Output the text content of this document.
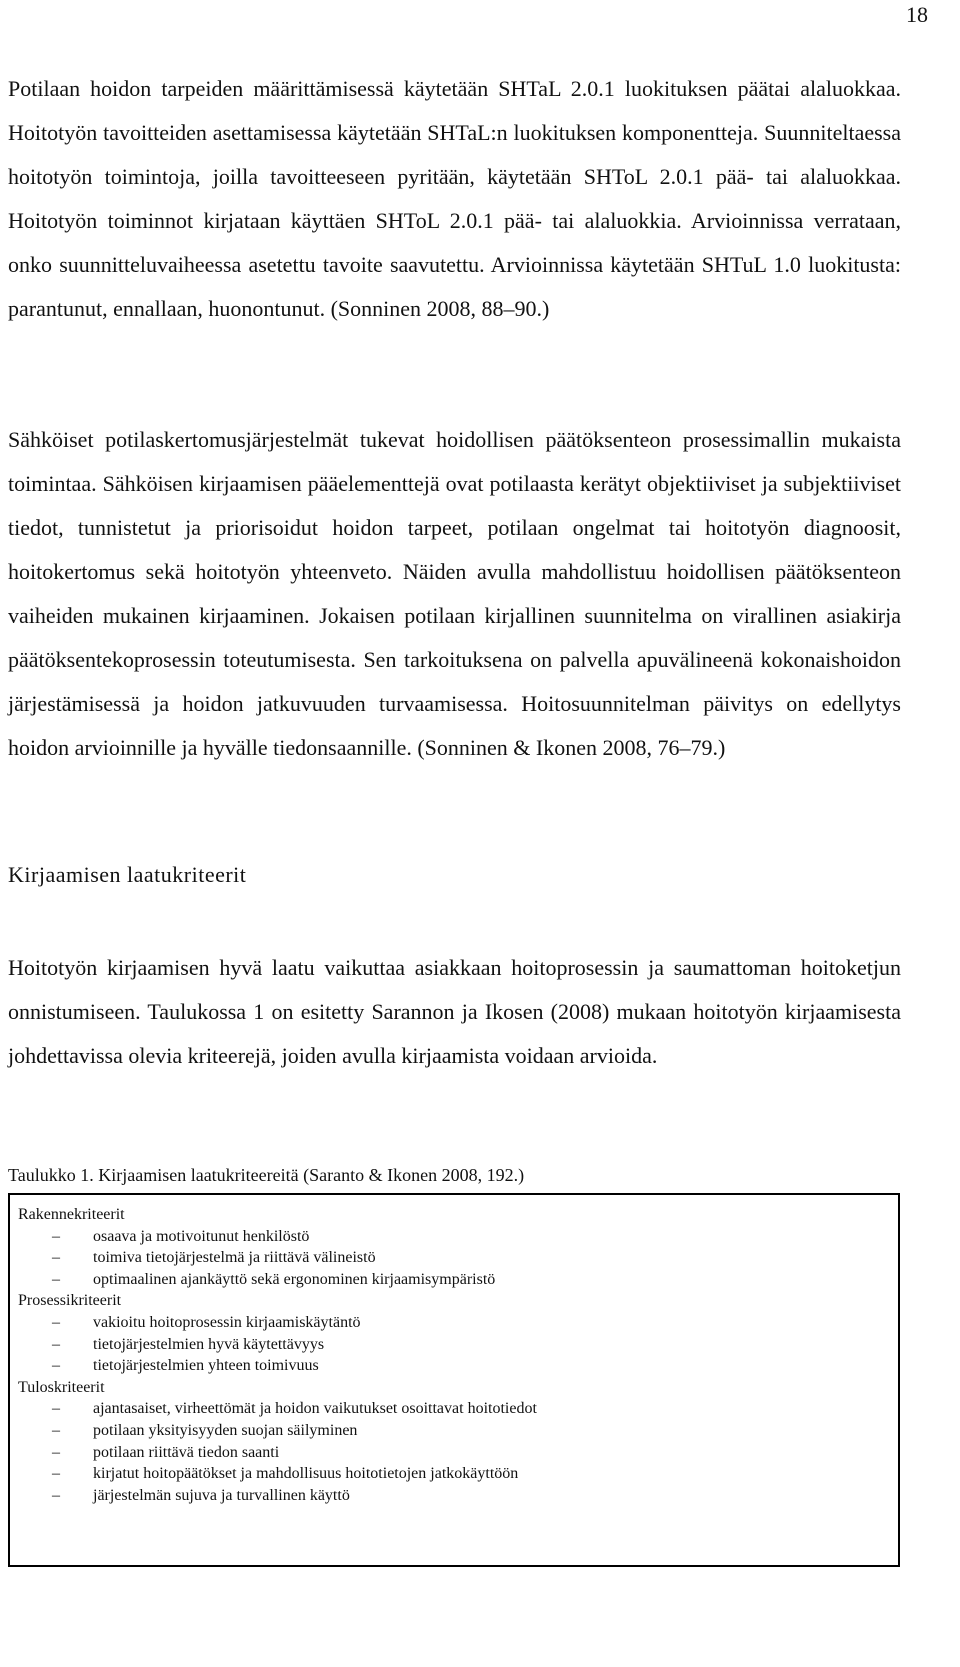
18

Potilaan hoidon tarpeiden määrittämisessä käytetään SHTaL 2.0.1 luokituksen päätai alaluokkaa. Hoitotyön tavoitteiden asettamisessa käytetään SHTaL:n luokituksen komponentteja. Suunniteltaessa hoitotyön toimintoja, joilla tavoitteeseen pyritään, käytetään SHToL 2.0.1 pää- tai alaluokkaa. Hoitotyön toiminnot kirjataan käyttäen SHToL 2.0.1 pää- tai alaluokkia. Arvioinnissa verrataan, onko suunnitteluvaiheessa asetettu tavoite saavutettu. Arvioinnissa käytetään SHTuL 1.0 luokitusta: parantunut, ennallaan, huonontunut. (Sonninen 2008, 88–90.)

Sähköiset potilaskertomusjärjestelmät tukevat hoidollisen päätöksenteon prosessimallin mukaista toimintaa. Sähköisen kirjaamisen pääelementtejä ovat potilaasta kerätyt objektiiviset ja subjektiiviset tiedot, tunnistetut ja priorisoidut hoidon tarpeet, potilaan ongelmat tai hoitotyön diagnoosit, hoitokertomus sekä hoitotyön yhteenveto. Näiden avulla mahdollistuu hoidollisen päätöksenteon vaiheiden mukainen kirjaaminen. Jokaisen potilaan kirjallinen suunnitelma on virallinen asiakirja päätöksentekoprosessin toteutumisesta. Sen tarkoituksena on palvella apuvälineenä kokonaishoidon järjestämisessä ja hoidon jatkuvuuden turvaamisessa. Hoitosuunnitelman päivitys on edellytys hoidon arvioinnille ja hyvälle tiedonsaannille. (Sonninen & Ikonen 2008, 76–79.)

Kirjaamisen laatukriteerit

Hoitotyön kirjaamisen hyvä laatu vaikuttaa asiakkaan hoitoprosessin ja saumattoman hoitoketjun onnistumiseen. Taulukossa 1 on esitetty Sarannon ja Ikosen (2008) mukaan hoitotyön kirjaamisesta johdettavissa olevia kriteerejä, joiden avulla kirjaamista voidaan arvioida.

Taulukko 1. Kirjaamisen laatukriteereitä (Saranto & Ikonen 2008, 192.)
Rakennekriteerit
– osaava ja motivoitunut henkilöstö
– toimiva tietojärjestelmä ja riittävä välineistö
– optimaalinen ajankäyttö sekä ergonominen kirjaamisympäristö
Prosessikriteerit
– vakioitu hoitoprosessin kirjaamiskäytäntö
– tietojärjestelmien hyvä käytettävyys
– tietojärjestelmien yhteen toimivuus
Tuloskriteerit
– ajantasaiset, virheettömät ja hoidon vaikutukset osoittavat hoitotiedot
– potilaan yksityisyyden suojan säilyminen
– potilaan riittävä tiedon saanti
– kirjatut hoitopäätökset ja mahdollisuus hoitotietojen jatkokäyttöön
– järjestelmän sujuva ja turvallinen käyttö
